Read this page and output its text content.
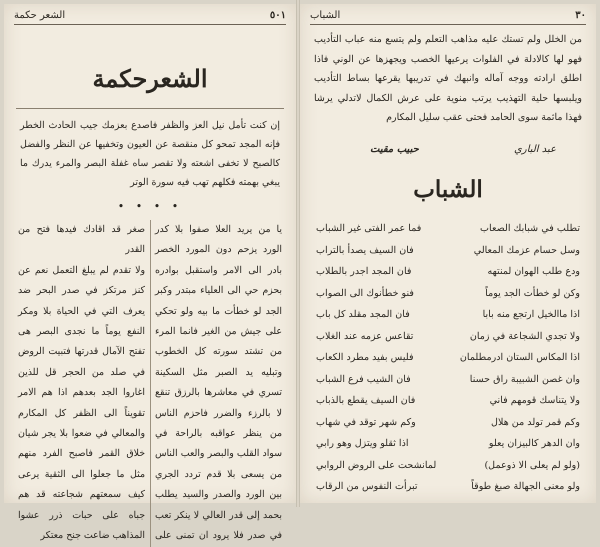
٥٠١
الشعر حكمة
الشعرحكمة
إن كنت تأمل نيل العز والظفر فاصدع بعزمك جيب الحادث الخطر فإنه المجد تمحو كل منقصة عن العيون وتخفيها عن النظر والفضل كالصبح لا تخفى اشعته ولا تقصر ساه غفلة البصر والمرء يدرك ما يبغي بهمته فكلهم تهب فيه سورة الوتر
• • • •

يا من يريد العلا صفوا بلا كدر الورد يزحم دون المورد الخصر بادر الى الامر واستقبل بوادره بحزم حي الى العلياء مبتدر وكبر الجد لو خطأت ما بيه ولو تحكي على جيش من الغير فانما المرء من تشتد سورته كل الخطوب وتبليه يد الصبر مثل السكينة تسري في معاشرها بالرزق تنقع لا بالرزء والضرر فاحزم الناس من ينظر عواقبه بالراحة في سواد القلب والبصر والعب الناس من يسعى بلا قدم تردد الجري بين الورد والصدر والسيد يطلب بحمد إلى قدر العالي لا ينكر تعب في صدر فلا يرود ان تمنى على صغر قد اقادك فيدها فتح من القدر

ولا تقدم لم يبلغ التعمل نعم عن كنز مرتكز في صدر البحر ضد يعرف التي في الحياة بلا ومكر النفع يوماً ما نجدى البصر هى تفتح الآمال قدرتها فتبيت الروض في صلد من الحجر قل للذين اغاروا الجد بعدهم اذا هم الامر تقويناً الى الظفر كل المكارم والمعالي في ضعوا بلا يجر شيان خلاق القمر فاصبح الفرد منهم مثل ما جعلوا الى الثقية يرعى كيف سمعتهم شجاعته قد هم جباه على حبات ذرر عشوا المذاهب ضاعت جنح معتكر

٣٠
الشباب
من الخلل ولم تستك عليه مذاهب التعلم ولم يتسع منه عباب التأديب فهو لها كالادلة في الفلوات يرعيها الخصب ويجهزها عن الوني فاذا اطلق ارادته ووجه آماله وانبهك في تدريبها يقرعها بساط التأديب ويلبسها حلية التهذيب يرتب منوية على عرش الكمال لاتدلي يرشا فهذا ماثمة سوى الحامد فحتى عقب سليل المكارم
عبد الباري
حبيب مقيت
الشباب
تطلب في شبابك الصعاب
فما عمر الفتى غير الشباب
وسل حسام عزمك المعالي
فان السيف يصدأ بالتراب
ودع طلب الهوان لمنتهه
فان المجد اجدر بالطلاب
وكن لو خطأت الجد يوماً
فنو خطأنوك الى الصواب
اذا ماالخيل ارتجع منه بابا
فان المجد مقلد كل باب
ولا تجدي الشجاعة في زمان
تقاعس عزمه عند الغلاب
اذا المكاس الستان ادرمطلمان
فليس بفيد مطرد الكعاب
وان غصن الشبيبة راق حسنا
فان الشيب فرع الشباب
ولا يتناسك قومهم فاني
فان السيف يقطع بالذباب
وكم قمر تولد من هلال
وكم شهر توقد في شهاب
وان الدهر كالبيزان يعلو
اذا ثقلو ويتزل وهو رابي
(ولو لم يعلى الا ذوعمل)
لمانشحت على الروض الروابي
ولو معنى الجهالة صبغ طوقاً
تبرأت النفوس من الرقاب
